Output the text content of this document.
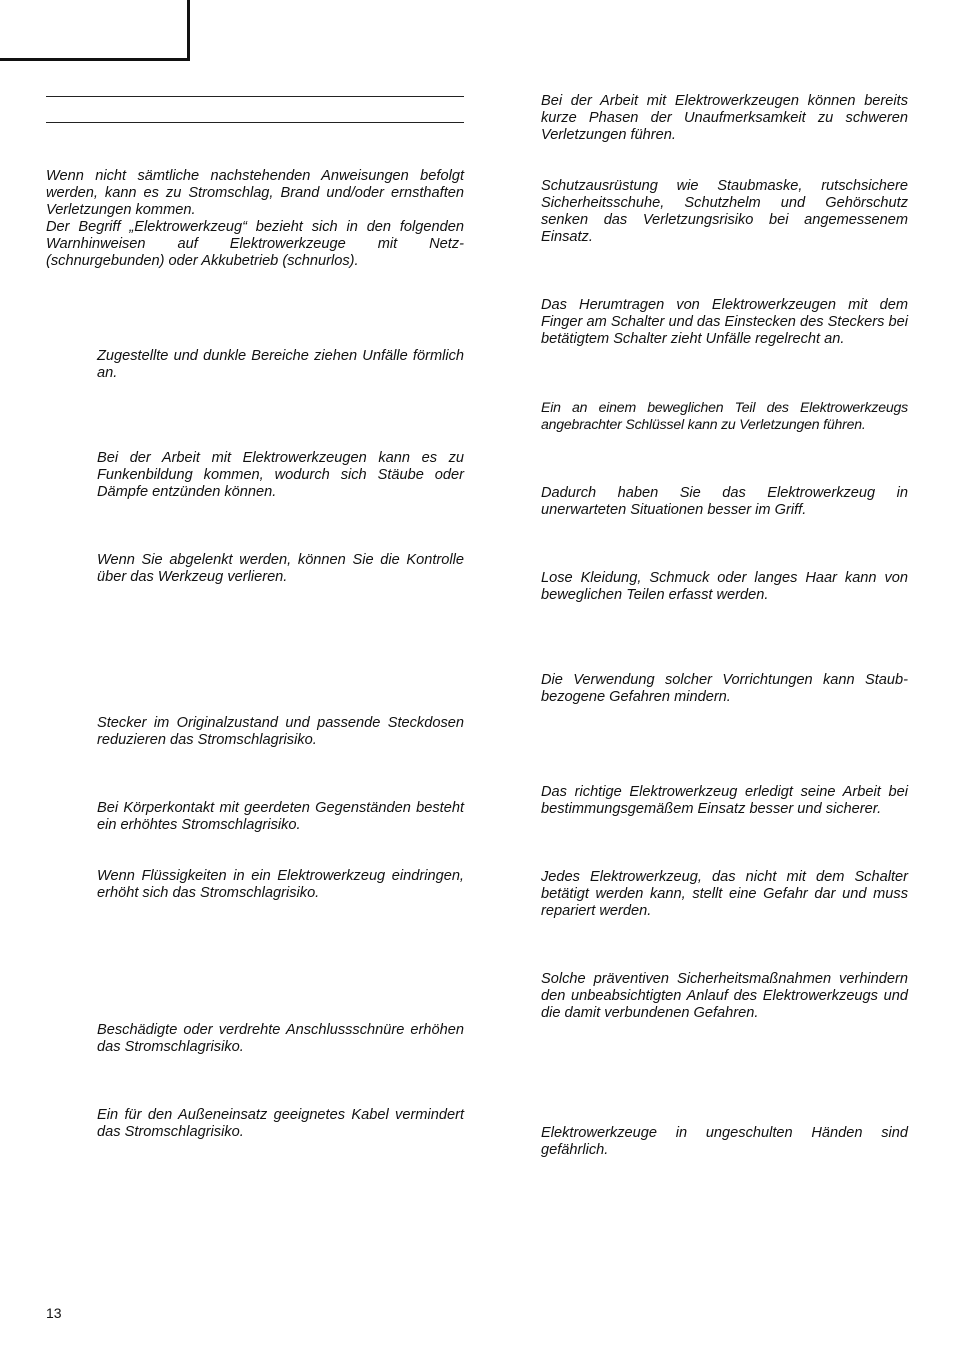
Wenn nicht sämtliche nachstehenden Anweisungen befolgt werden, kann es zu Stromschlag, Brand und/oder ernsthaften Verletzungen kommen.
Der Begriff „Elektrowerkzeug“ bezieht sich in den folgenden Warnhinweisen auf Elektrowerkzeuge mit Netz- (schnurgebunden) oder Akkubetrieb (schnurlos).

Zugestellte und dunkle Bereiche ziehen Unfälle förmlich an.

Bei der Arbeit mit Elektrowerkzeugen kann es zu Funkenbildung kommen, wodurch sich Stäube oder Dämpfe entzünden können.

Wenn Sie abgelenkt werden, können Sie die Kontrolle über das Werkzeug verlieren.

Stecker im Originalzustand und passende Steckdosen reduzieren das Stromschlagrisiko.

Bei Körperkontakt mit geerdeten Gegenständen besteht ein erhöhtes Stromschlagrisiko.

Wenn Flüssigkeiten in ein Elektrowerkzeug eindringen, erhöht sich das Stromschlagrisiko.

Beschädigte oder verdrehte Anschlussschnüre erhöhen das Stromschlagrisiko.

Ein für den Außeneinsatz geeignetes Kabel vermindert das Stromschlagrisiko.

Bei der Arbeit mit Elektrowerkzeugen können bereits kurze Phasen der Unaufmerksamkeit zu schweren Verletzungen führen.

Schutzausrüstung wie Staubmaske, rutschsichere Sicherheitsschuhe, Schutzhelm und Gehörschutz senken das Verletzungsrisiko bei angemessenem Einsatz.

Das Herumtragen von Elektrowerkzeugen mit dem Finger am Schalter und das Einstecken des Steckers bei betätigtem Schalter zieht Unfälle regelrecht an.

Ein an einem beweglichen Teil des Elektrowerkzeugs angebrachter Schlüssel kann zu Verletzungen führen.

Dadurch haben Sie das Elektrowerkzeug in unerwarteten Situationen besser im Griff.

Lose Kleidung, Schmuck oder langes Haar kann von beweglichen Teilen erfasst werden.

Die Verwendung solcher Vorrichtungen kann Staub-bezogene Gefahren mindern.

Das richtige Elektrowerkzeug erledigt seine Arbeit bei bestimmungsgemäßem Einsatz besser und sicherer.

Jedes Elektrowerkzeug, das nicht mit dem Schalter betätigt werden kann, stellt eine Gefahr dar und muss repariert werden.

Solche präventiven Sicherheitsmaßnahmen verhindern den unbeabsichtigten Anlauf des Elektrowerkzeugs und die damit verbundenen Gefahren.

Elektrowerkzeuge in ungeschulten Händen sind gefährlich.

13
